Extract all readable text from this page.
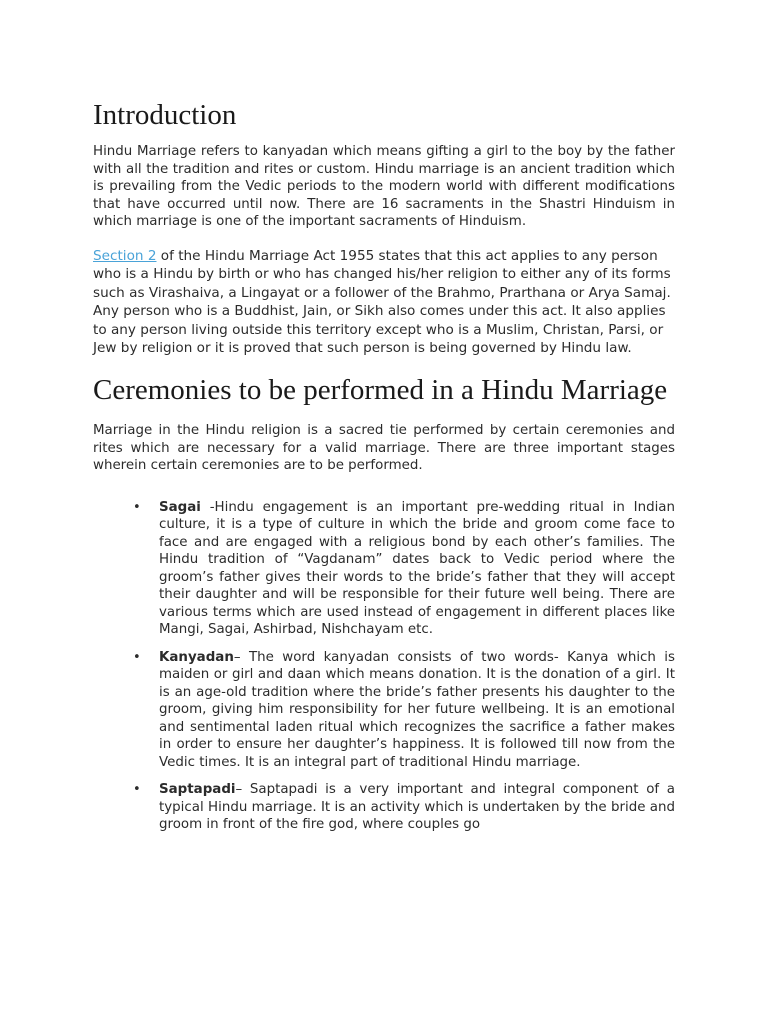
Introduction

Hindu Marriage refers to kanyadan which means gifting a girl to the boy by the father with all the tradition and rites or custom. Hindu marriage is an ancient tradition which is prevailing from the Vedic periods to the modern world with different modifications that have occurred until now. There are 16 sacraments in the Shastri Hinduism in which marriage is one of the important sacraments of Hinduism.

Section 2 of the Hindu Marriage Act 1955 states that this act applies to any person who is a Hindu by birth or who has changed his/her religion to either any of its forms such as Virashaiva, a Lingayat or a follower of the Brahmo, Prarthana or Arya Samaj. Any person who is a Buddhist, Jain, or Sikh also comes under this act. It also applies to any person living outside this territory except who is a Muslim, Christan, Parsi, or Jew by religion or it is proved that such person is being governed by Hindu law.

Ceremonies to be performed in a Hindu Marriage

Marriage in the Hindu religion is a sacred tie performed by certain ceremonies and rites which are necessary for a valid marriage. There are three important stages wherein certain ceremonies are to be performed.

• Sagai -Hindu engagement is an important pre-wedding ritual in Indian culture, it is a type of culture in which the bride and groom come face to face and are engaged with a religious bond by each other’s families. The Hindu tradition of “Vagdanam” dates back to Vedic period where the groom’s father gives their words to the bride’s father that they will accept their daughter and will be responsible for their future well being. There are various terms which are used instead of engagement in different places like Mangi, Sagai, Ashirbad, Nishchayam etc.

• Kanyadan– The word kanyadan consists of two words- Kanya which is maiden or girl and daan which means donation. It is the donation of a girl. It is an age-old tradition where the bride’s father presents his daughter to the groom, giving him responsibility for her future wellbeing. It is an emotional and sentimental laden ritual which recognizes the sacrifice a father makes in order to ensure her daughter’s happiness. It is followed till now from the Vedic times. It is an integral part of traditional Hindu marriage.

• Saptapadi– Saptapadi is a very important and integral component of a typical Hindu marriage. It is an activity which is undertaken by the bride and groom in front of the fire god, where couples go
